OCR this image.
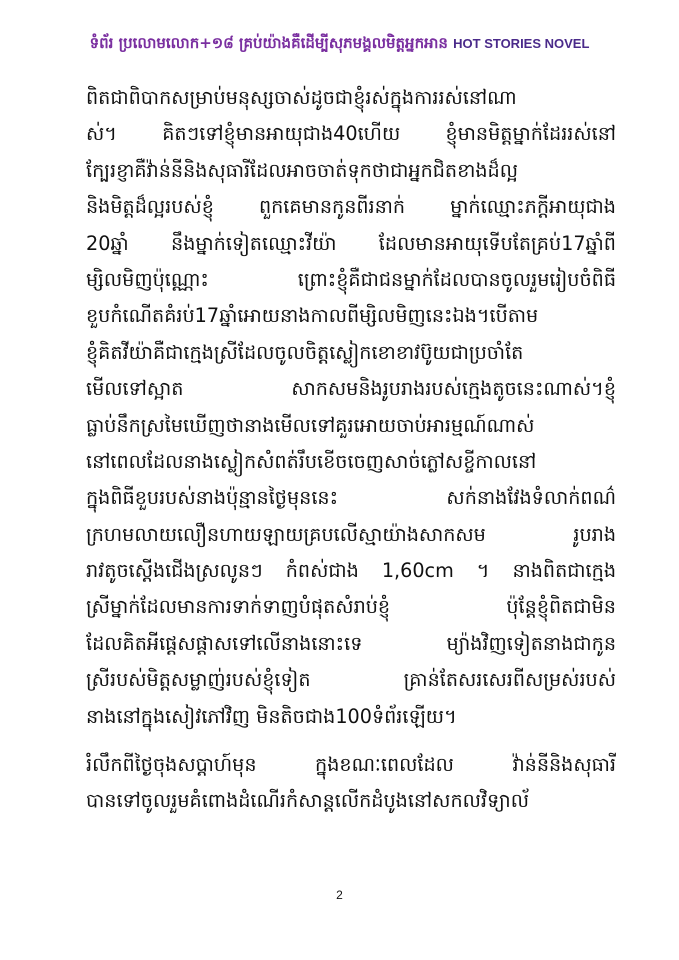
ទំព័រ ប្រលោមលោក+១៨ គ្រប់យ៉ាងគឺដើម្បីសុភមង្គលមិត្តអ្នកអាន HOT STORIES NOVEL
ពិតជាពិបាកសម្រាប់មនុស្សចាស់ដូចជាខ្ញុំរស់ក្នុងការរស់នៅណា
ស់។ គិតៗទៅខ្ញុំមានអាយុជាង40ហើយ ខ្ញុំមានមិត្តម្នាក់ដែររស់នៅ
ក្បែរខ្ញាគឺវ៉ាន់នីនិងសុធារីដែលអាចចាត់ទុកថាជាអ្នកជិតខាងដ៏ល្អ
និងមិត្តដ៏ល្អរបស់ខ្ញុំ ពួកគេមានកូនពីរនាក់ ម្នាក់ឈ្មោះភក្តីអាយុជាង
20ឆ្នាំ នឹងម្នាក់ទៀតឈ្មោះវីយ៉ា ដែលមានអាយុទើបតែគ្រប់17ឆ្នាំពី
ម្សិលមិញប៉ុណ្ណោះ ព្រោះខ្ញុំគឺជាជនម្នាក់ដែលបានចូលរួមរៀបចំពិធី
ខួបកំណើតគំរប់17ឆ្នាំអោយនាងកាលពីម្សិលមិញនេះឯង។បើតាម
ខ្ញុំគិតវីយ៉ាគឺជាក្មេងស្រីដែលចូលចិត្តស្លៀកខោខាវប៊ូយជាប្រចាំតែ
មើលទៅស្អាត សាកសមនិងរូបរាងរបស់ក្មេងតូចនេះណាស់។ខ្ញុំ
ធ្លាប់នឹកស្រមៃឃើញថានាងមើលទៅគួរអោយចាប់អារម្មណ៍ណាស់
នៅពេលដែលនាងស្លៀកសំពត់រឹបខើចចេញសាច់ភ្លៅសខ្ចីកាលនៅ
ក្នុងពិធីខួបរបស់នាងប៉ុន្មានថ្ងៃមុននេះ សក់នាងវែងទំលាក់ពណ៌
ក្រហមលាយលឿនហាយឡាយគ្របលើស្មាយ៉ាងសាកសម រូបរាង
រាវតូចស្តើងជើងស្រលូនៗ កំពស់ជាង 1,60cm ។ នាងពិតជាក្មេង
ស្រីម្នាក់ដែលមានការទាក់ទាញបំផុតសំរាប់ខ្ញុំ ប៉ុន្តែខ្ញុំពិតជាមិន
ដែលគិតអីផ្តេសផ្តាសទៅលើនាងនោះទេ ម្យ៉ាងវិញទៀតនាងជាកូន
ស្រីរបស់មិត្តសម្លាញ់របស់ខ្ញុំទៀត គ្រាន់តែសរសេរពីសម្រស់របស់
នាងនៅក្នុងសៀវភៅវិញ មិនតិចជាង100ទំព័រឡើយ។
រំលឹកពីថ្ងៃចុងសប្តាហ៍មុន ក្នុងខណៈពេលដែល វ៉ាន់នីនិងសុធារី
បានទៅចូលរួមគំពោងដំណើរកំសាន្តលើកដំបូងនៅសកលវិទ្យាល័
2
